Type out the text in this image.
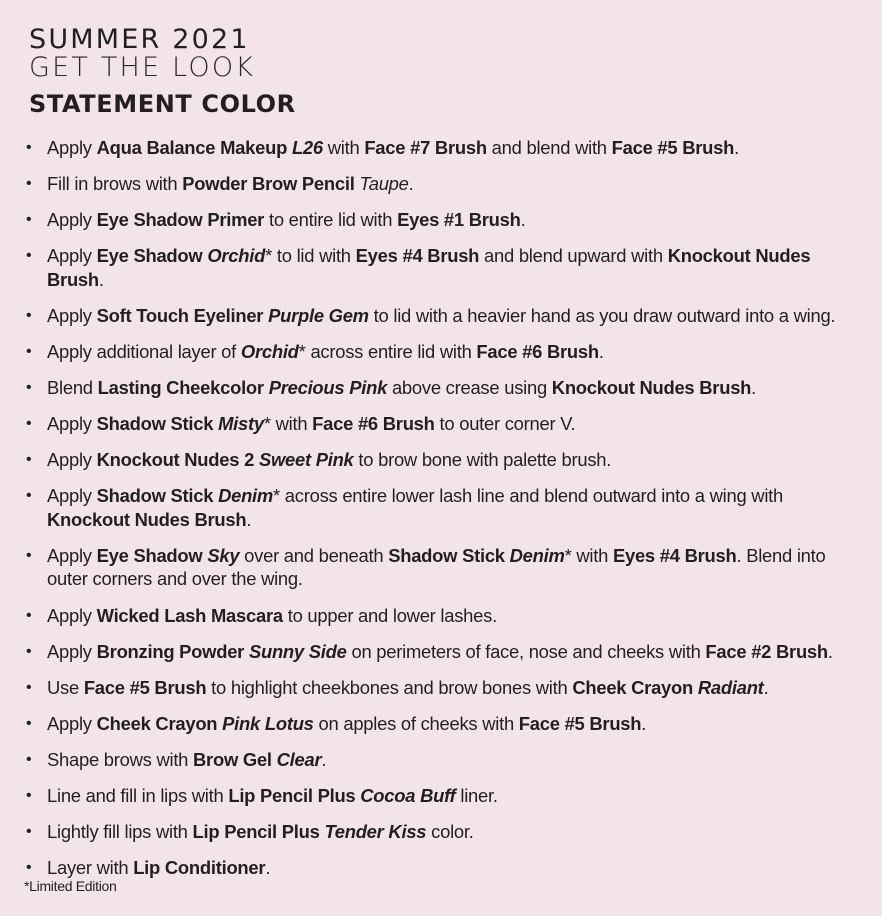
SUMMER 2021
GET THE LOOK
STATEMENT COLOR
• Apply Aqua Balance Makeup L26 with Face #7 Brush and blend with Face #5 Brush.
• Fill in brows with Powder Brow Pencil Taupe.
• Apply Eye Shadow Primer to entire lid with Eyes #1 Brush.
• Apply Eye Shadow Orchid* to lid with Eyes #4 Brush and blend upward with Knockout Nudes Brush.
• Apply Soft Touch Eyeliner Purple Gem to lid with a heavier hand as you draw outward into a wing.
• Apply additional layer of Orchid* across entire lid with Face #6 Brush.
• Blend Lasting Cheekcolor Precious Pink above crease using Knockout Nudes Brush.
• Apply Shadow Stick Misty* with Face #6 Brush to outer corner V.
• Apply Knockout Nudes 2 Sweet Pink to brow bone with palette brush.
• Apply Shadow Stick Denim* across entire lower lash line and blend outward into a wing with Knockout Nudes Brush.
• Apply Eye Shadow Sky over and beneath Shadow Stick Denim* with Eyes #4 Brush. Blend into outer corners and over the wing.
• Apply Wicked Lash Mascara to upper and lower lashes.
• Apply Bronzing Powder Sunny Side on perimeters of face, nose and cheeks with Face #2 Brush.
• Use Face #5 Brush to highlight cheekbones and brow bones with Cheek Crayon Radiant.
• Apply Cheek Crayon Pink Lotus on apples of cheeks with Face #5 Brush.
• Shape brows with Brow Gel Clear.
• Line and fill in lips with Lip Pencil Plus Cocoa Buff liner.
• Lightly fill lips with Lip Pencil Plus Tender Kiss color.
• Layer with Lip Conditioner.
*Limited Edition
